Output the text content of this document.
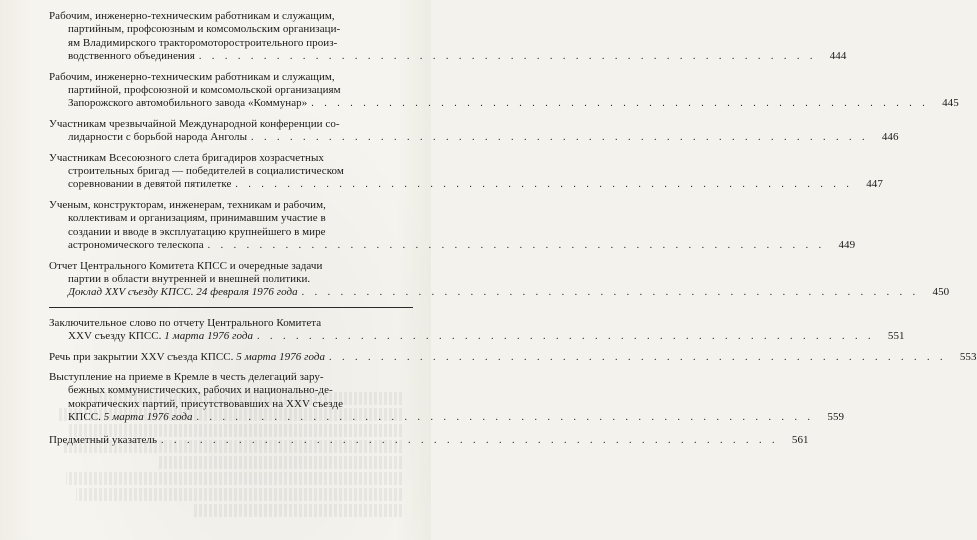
Рабочим, инженерно-техническим работникам и служащим,
партийным, профсоюзным и комсомольским организаци-
ям Владимирского тракторомоторостроительного произ-
водственного объединения . . . . . . . . . . . . . . . . . . . . . . . . . . . . . . . . . . . . . . . . . . . . . . . .	444
Рабочим, инженерно-техническим работникам и служащим,
партийной, профсоюзной и комсомольской организациям
Запорожского автомобильного завода «Коммунар» . . . . . . . . . . . . . . . . . . . . . . . . . . . . . . . . . . . . . . . . . . . . . . . .	445
Участникам чрезвычайной Международной конференции со-
лидарности с борьбой народа Анголы . . . . . . . . . . . . . . . . . . . . . . . . . . . . . . . . . . . . . . . . . . . . . . . .	446
Участникам Всесоюзного слета бригадиров хозрасчетных
строительных бригад — победителей в социалистическом
соревновании в девятой пятилетке . . . . . . . . . . . . . . . . . . . . . . . . . . . . . . . . . . . . . . . . . . . . . . . .	447
Ученым, конструкторам, инженерам, техникам и рабочим,
коллективам и организациям, принимавшим участие в
создании и вводе в эксплуатацию крупнейшего в мире
астрономического телескопа . . . . . . . . . . . . . . . . . . . . . . . . . . . . . . . . . . . . . . . . . . . . . . . .	449
Отчет Центрального Комитета КПСС и очередные задачи
партии в области внутренней и внешней политики.
Доклад XXV съезду КПСС. 24 февраля 1976 года . . . . . . . . . . . . . . . . . . . . . . . . . . . . . . . . . . . . . . . . . . . . . . . .	450
Заключительное слово по отчету Центрального Комитета
XXV съезду КПСС.
1 марта 1976 года . . . . . . . . . . . . . . . . . . . . . . . . . . . . . . . . . . . . . . . . . . . . . . . .	551
Речь при закрытии XXV съезда КПСС.
5 марта 1976 года . . . . . . . . . . . . . . . . . . . . . . . . . . . . . . . . . . . . . . . . . . . . . . . .	553
Выступление на приеме в Кремле в честь делегаций зару-
бежных коммунистических, рабочих и национально-де-
мократических партий, присутствовавших на XXV съезде
КПСС.
5 марта 1976 года . . . . . . . . . . . . . . . . . . . . . . . . . . . . . . . . . . . . . . . . . . . . . . . .	559
Предметный указатель . . . . . . . . . . . . . . . . . . . . . . . . . . . . . . . . . . . . . . . . . . . . . . . .	561
